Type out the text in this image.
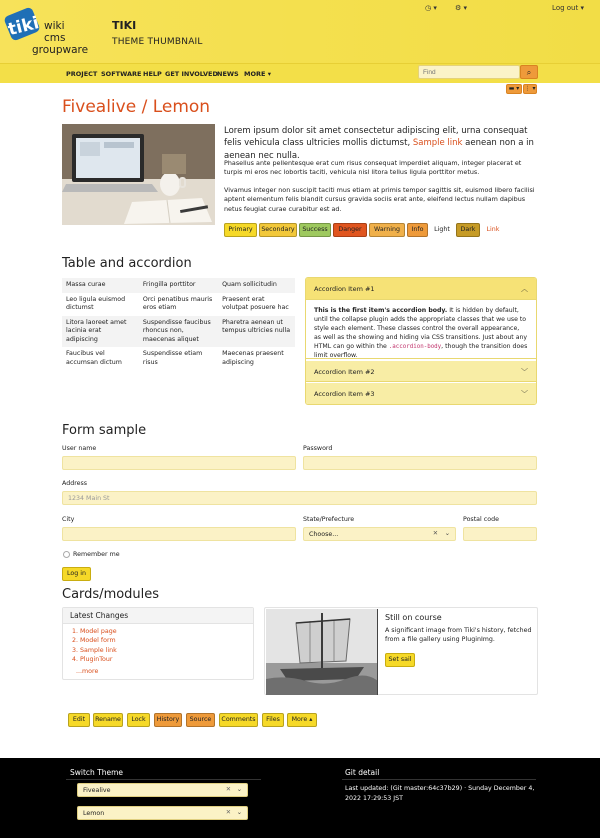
tiki wiki
cms
groupware
TIKI
THEME THUMBNAIL
◷ ▾	⚙ ▾	Log out ▾
PROJECT SOFTWARE HELP GET INVOLVED NEWS MORE ▾
Find	⌕
▬ ▾ ⋮ ▾
Fivealive / Lemon
Lorem ipsum dolor sit amet consectetur adipiscing elit, urna consequat felis vehicula class ultricies mollis dictumst, Sample link aenean non a in aenean nec nulla.
Phasellus ante pellentesque erat cum risus consequat imperdiet aliquam, integer placerat et turpis mi eros nec lobortis taciti, vehicula nisl litora tellus ligula porttitor metus.
Vivamus integer non suscipit taciti mus etiam at primis tempor sagittis sit, euismod libero facilisi aptent elementum felis blandit cursus gravida sociis erat ante, eleifend lectus nullam dapibus netus feugiat curae curabitur est ad.
Primary	Secondary	Success	Danger	Warning	Info	Light	Dark	Link
Table and accordion
Massa curae	Fringilla porttitor	Quam sollicitudin
Leo ligula euismod dictumst	Orci penatibus mauris eros etiam	Praesent erat volutpat posuere hac
Litora laoreet amet lacinia erat adipiscing	Suspendisse faucibus rhoncus non, maecenas aliquet	Pharetra aenean ut tempus ultricies nulla
Faucibus vel accumsan dictum	Suspendisse etiam risus	Maecenas praesent adipiscing
Accordion Item #1	︿
This is the first item's accordion body. It is hidden by default, until the collapse plugin adds the appropriate classes that we use to style each element. These classes control the overall appearance, as well as the showing and hiding via CSS transitions. Just about any HTML can go within the .accordion-body, though the transition does limit overflow.
Accordion Item #2	﹀
Accordion Item #3	﹀
Form sample
User name	Password
Address
1234 Main St
City	State/Prefecture
Choose...	✕ ⌄
Postal code
Remember me
Log in
Cards/modules
Latest Changes
1. Model page
2. Model form
3. Sample link
4. PluginTour
...more
Still on course
A significant image from Tiki's history, fetched from a file gallery using PluginImg.
Set sail
Edit	Rename	Lock	History	Source	Comments	Files	More ▴
Switch Theme
Fivealive	✕ ⌄
Lemon	✕ ⌄
Git detail
Last updated: (Git master:64c37b29) · Sunday December 4, 2022 17:29:53 JST
